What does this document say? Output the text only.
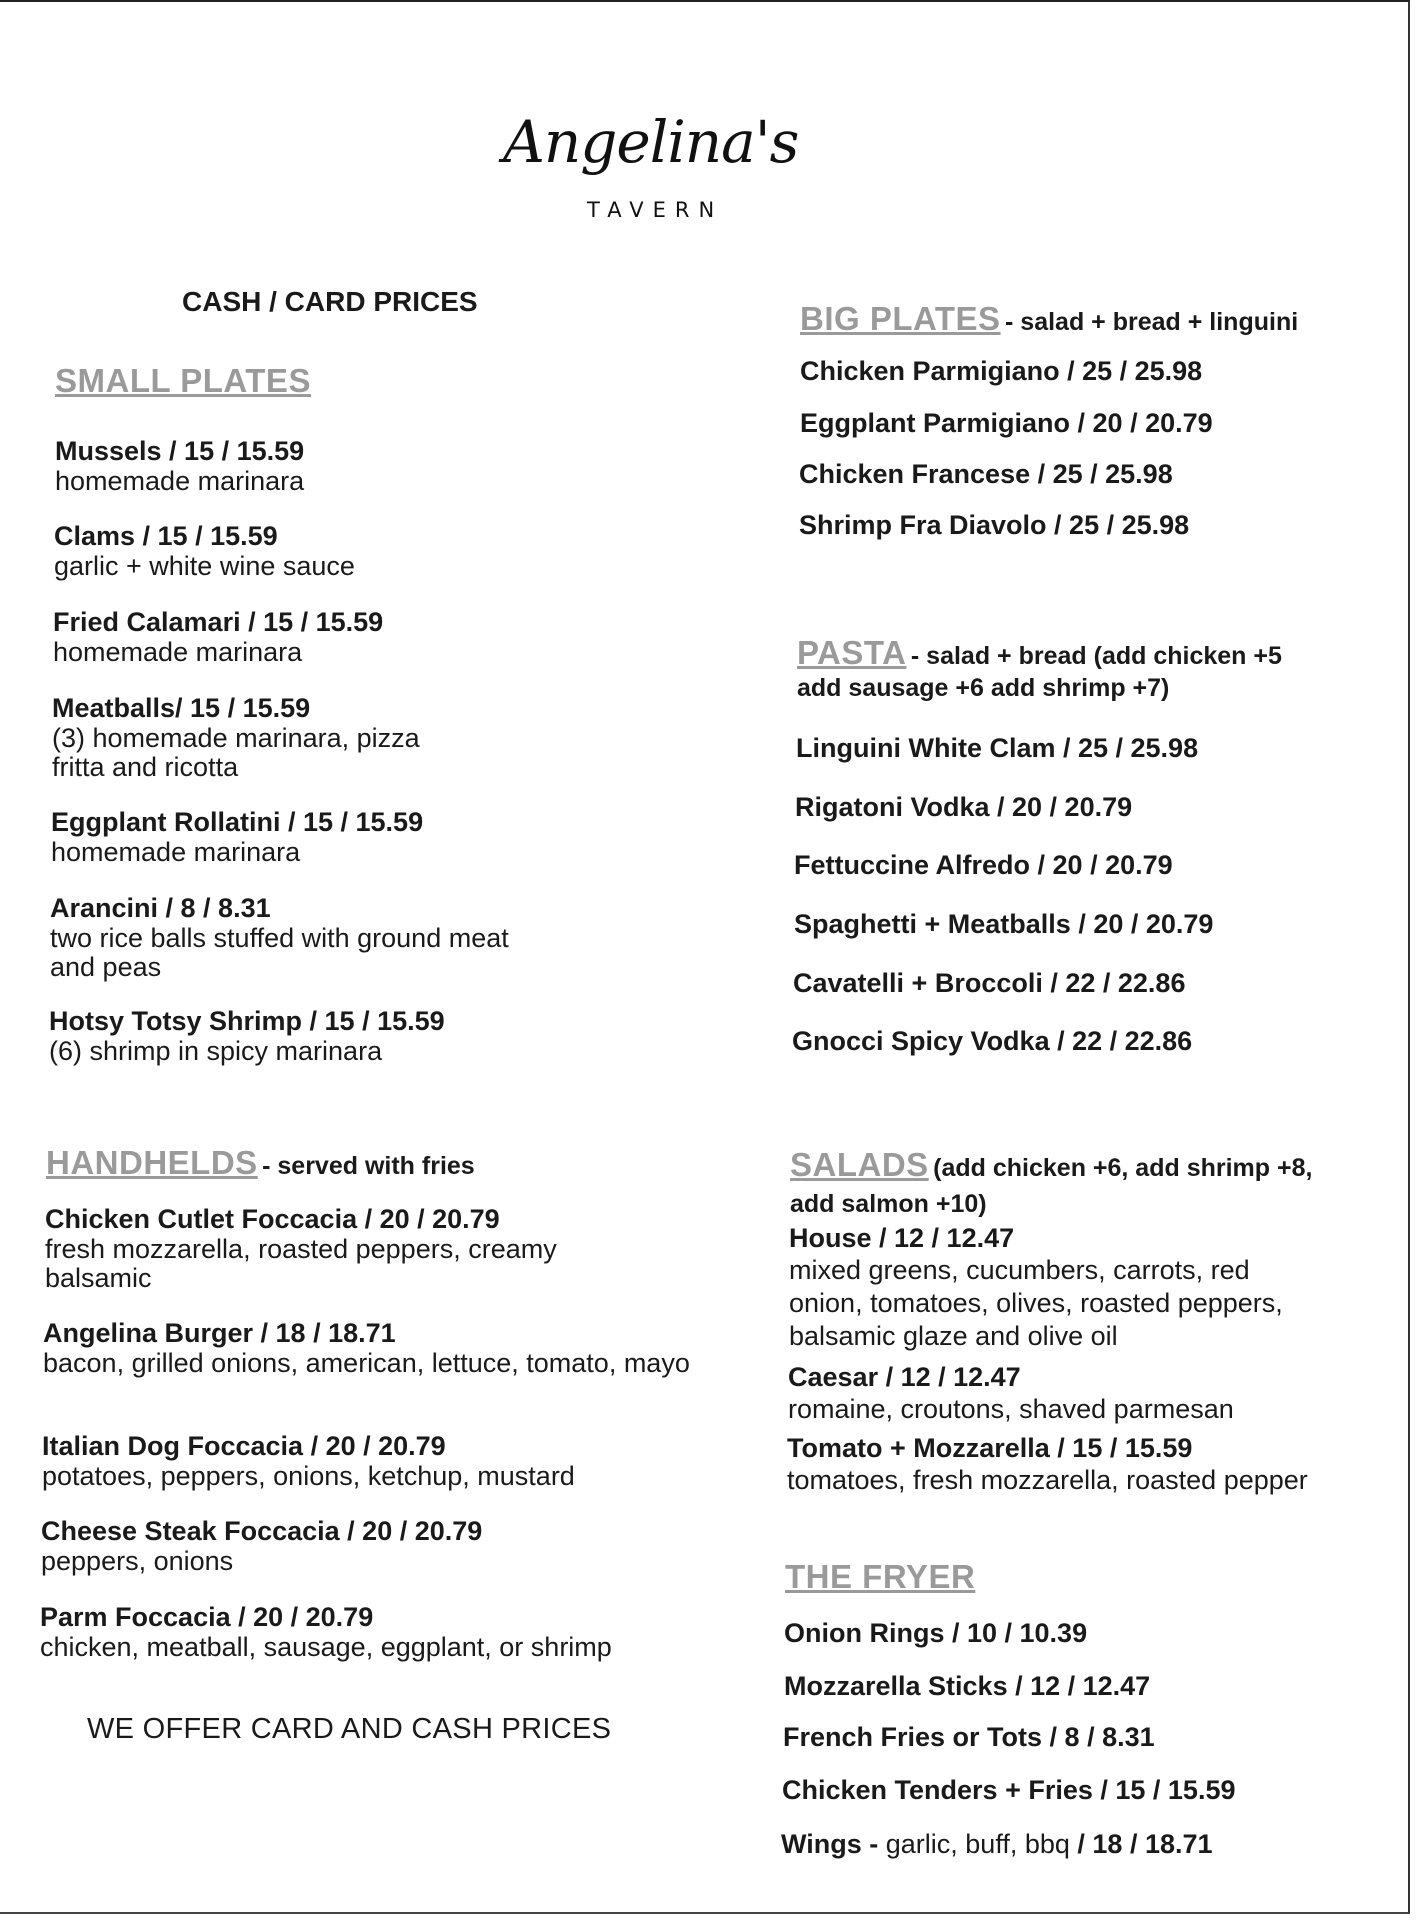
Angelina's
TAVERN
CASH / CARD PRICES
SMALL PLATES
Mussels / 15 / 15.59
homemade marinara
Clams / 15 / 15.59
garlic + white wine sauce
Fried Calamari / 15 / 15.59
homemade marinara
Meatballs/ 15 / 15.59
(3) homemade marinara, pizza fritta and ricotta
Eggplant Rollatini / 15 / 15.59
homemade marinara
Arancini / 8 / 8.31
two rice balls stuffed with ground meat and peas
Hotsy Totsy Shrimp / 15 / 15.59
(6) shrimp in spicy marinara
HANDHELDS - served with fries
Chicken Cutlet Foccacia / 20 / 20.79
fresh mozzarella, roasted peppers, creamy balsamic
Angelina Burger / 18 / 18.71
bacon, grilled onions, american, lettuce, tomato, mayo
Italian Dog Foccacia / 20 / 20.79
potatoes, peppers, onions, ketchup, mustard
Cheese Steak Foccacia / 20 / 20.79
peppers, onions
Parm Foccacia / 20 / 20.79
chicken, meatball, sausage, eggplant, or shrimp
WE OFFER CARD AND CASH PRICES
BIG PLATES - salad + bread + linguini
Chicken Parmigiano / 25 / 25.98
Eggplant Parmigiano / 20 / 20.79
Chicken Francese / 25 / 25.98
Shrimp Fra Diavolo / 25 / 25.98
PASTA - salad + bread (add chicken +5
add sausage +6 add shrimp +7)
Linguini White Clam / 25 / 25.98
Rigatoni Vodka / 20 / 20.79
Fettuccine Alfredo / 20 / 20.79
Spaghetti + Meatballs / 20 / 20.79
Cavatelli + Broccoli / 22 / 22.86
Gnocci Spicy Vodka / 22 / 22.86
SALADS (add chicken +6, add shrimp +8,
add salmon +10)
House / 12 / 12.47
mixed greens, cucumbers, carrots, red onion, tomatoes, olives, roasted peppers, balsamic glaze and olive oil
Caesar / 12 / 12.47
romaine, croutons, shaved parmesan
Tomato + Mozzarella / 15 / 15.59
tomatoes, fresh mozzarella, roasted pepper
THE FRYER
Onion Rings / 10 / 10.39
Mozzarella Sticks / 12 / 12.47
French Fries or Tots / 8 / 8.31
Chicken Tenders + Fries / 15 / 15.59
Wings - garlic, buff, bbq / 18 / 18.71
